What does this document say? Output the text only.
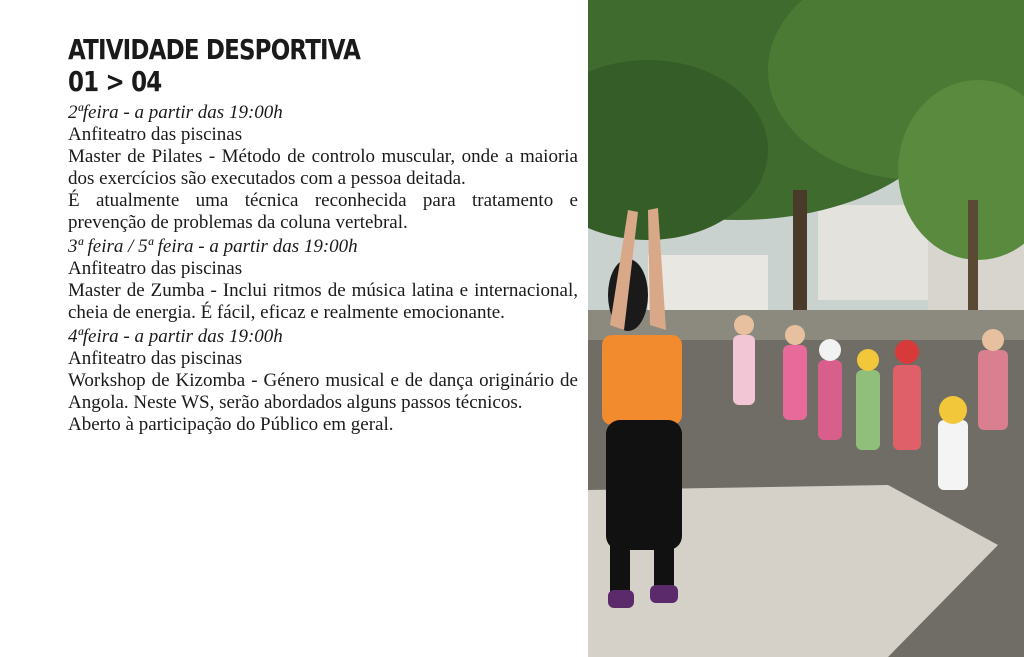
ATIVIDADE DESPORTIVA
01 > 04
2ªfeira - a partir das 19:00h
Anfiteatro das piscinas
Master de Pilates - Método de controlo muscular, onde a maioria dos exercícios são executados com a pessoa deitada.
É atualmente uma técnica reconhecida para tratamento e prevenção de problemas da coluna vertebral.
3ª feira / 5ª feira - a partir das 19:00h
Anfiteatro das piscinas
Master de Zumba - Inclui ritmos de música latina e internacional, cheia de energia. É fácil, eficaz e realmente emocionante.
4ªfeira - a partir das 19:00h
Anfiteatro das piscinas
Workshop de Kizomba - Género musical e de dança originário de Angola. Neste WS, serão abordados alguns passos técnicos.
Aberto à participação do Público em geral.
